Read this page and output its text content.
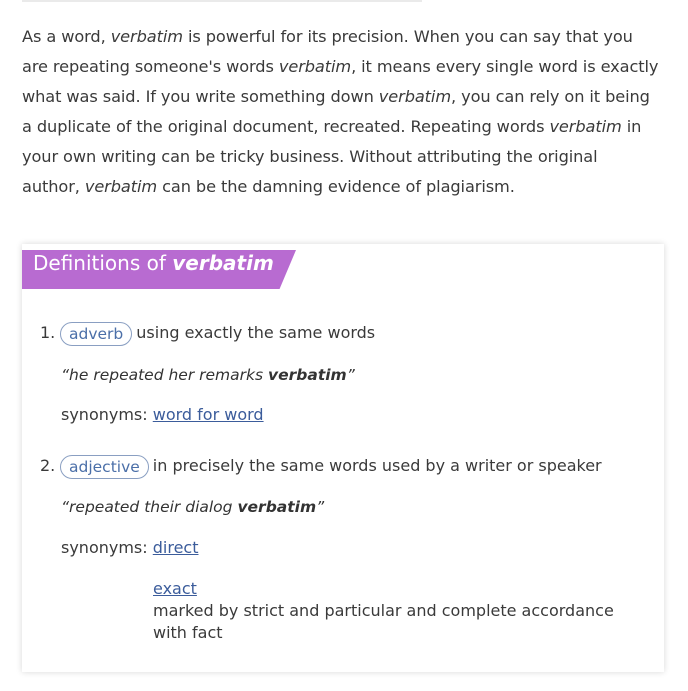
As a word, verbatim is powerful for its precision. When you can say that you
are repeating someone's words verbatim, it means every single word is exactly
what was said. If you write something down verbatim, you can rely on it being
a duplicate of the original document, recreated. Repeating words verbatim in
your own writing can be tricky business. Without attributing the original
author, verbatim can be the damning evidence of plagiarism.
Definitions of verbatim
1. adverb using exactly the same words
“he repeated her remarks verbatim”
synonyms: word for word
2. adjective in precisely the same words used by a writer or speaker
“repeated their dialog verbatim”
synonyms: direct
exact
marked by strict and particular and complete accordance
with fact
